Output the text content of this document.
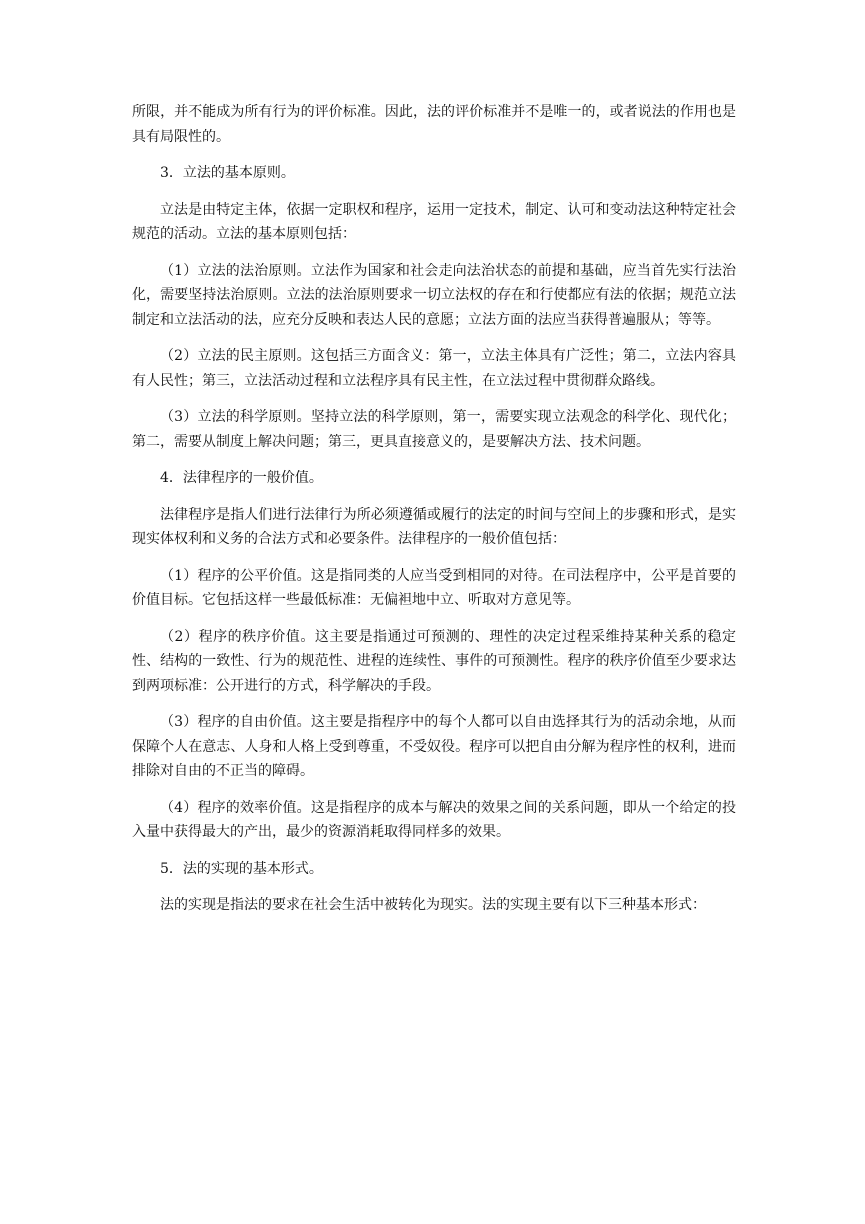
所限，并不能成为所有行为的评价标准。因此，法的评价标准并不是唯一的，或者说法的作用也是具有局限性的。

3．立法的基本原则。

立法是由特定主体，依据一定职权和程序，运用一定技术，制定、认可和变动法这种特定社会规范的活动。立法的基本原则包括：

（1）立法的法治原则。立法作为国家和社会走向法治状态的前提和基础，应当首先实行法治化，需要坚持法治原则。立法的法治原则要求一切立法权的存在和行使都应有法的依据；规范立法制定和立法活动的法，应充分反映和表达人民的意愿；立法方面的法应当获得普遍服从；等等。

（2）立法的民主原则。这包括三方面含义：第一，立法主体具有广泛性；第二，立法内容具有人民性；第三，立法活动过程和立法程序具有民主性，在立法过程中贯彻群众路线。

（3）立法的科学原则。坚持立法的科学原则，第一，需要实现立法观念的科学化、现代化；第二，需要从制度上解决问题；第三，更具直接意义的，是要解决方法、技术问题。

4．法律程序的一般价值。

法律程序是指人们进行法律行为所必须遵循或履行的法定的时间与空间上的步骤和形式，是实现实体权利和义务的合法方式和必要条件。法律程序的一般价值包括：

（1）程序的公平价值。这是指同类的人应当受到相同的对待。在司法程序中，公平是首要的价值目标。它包括这样一些最低标准：无偏袒地中立、听取对方意见等。

（2）程序的秩序价值。这主要是指通过可预测的、理性的决定过程采维持某种关系的稳定性、结构的一致性、行为的规范性、进程的连续性、事件的可预测性。程序的秩序价值至少要求达到两项标准：公开进行的方式，科学解决的手段。

（3）程序的自由价值。这主要是指程序中的每个人都可以自由选择其行为的活动余地，从而保障个人在意志、人身和人格上受到尊重，不受奴役。程序可以把自由分解为程序性的权利，进而排除对自由的不正当的障碍。

（4）程序的效率价值。这是指程序的成本与解决的效果之间的关系问题，即从一个给定的投入量中获得最大的产出，最少的资源消耗取得同样多的效果。

5．法的实现的基本形式。

法的实现是指法的要求在社会生活中被转化为现实。法的实现主要有以下三种基本形式：
